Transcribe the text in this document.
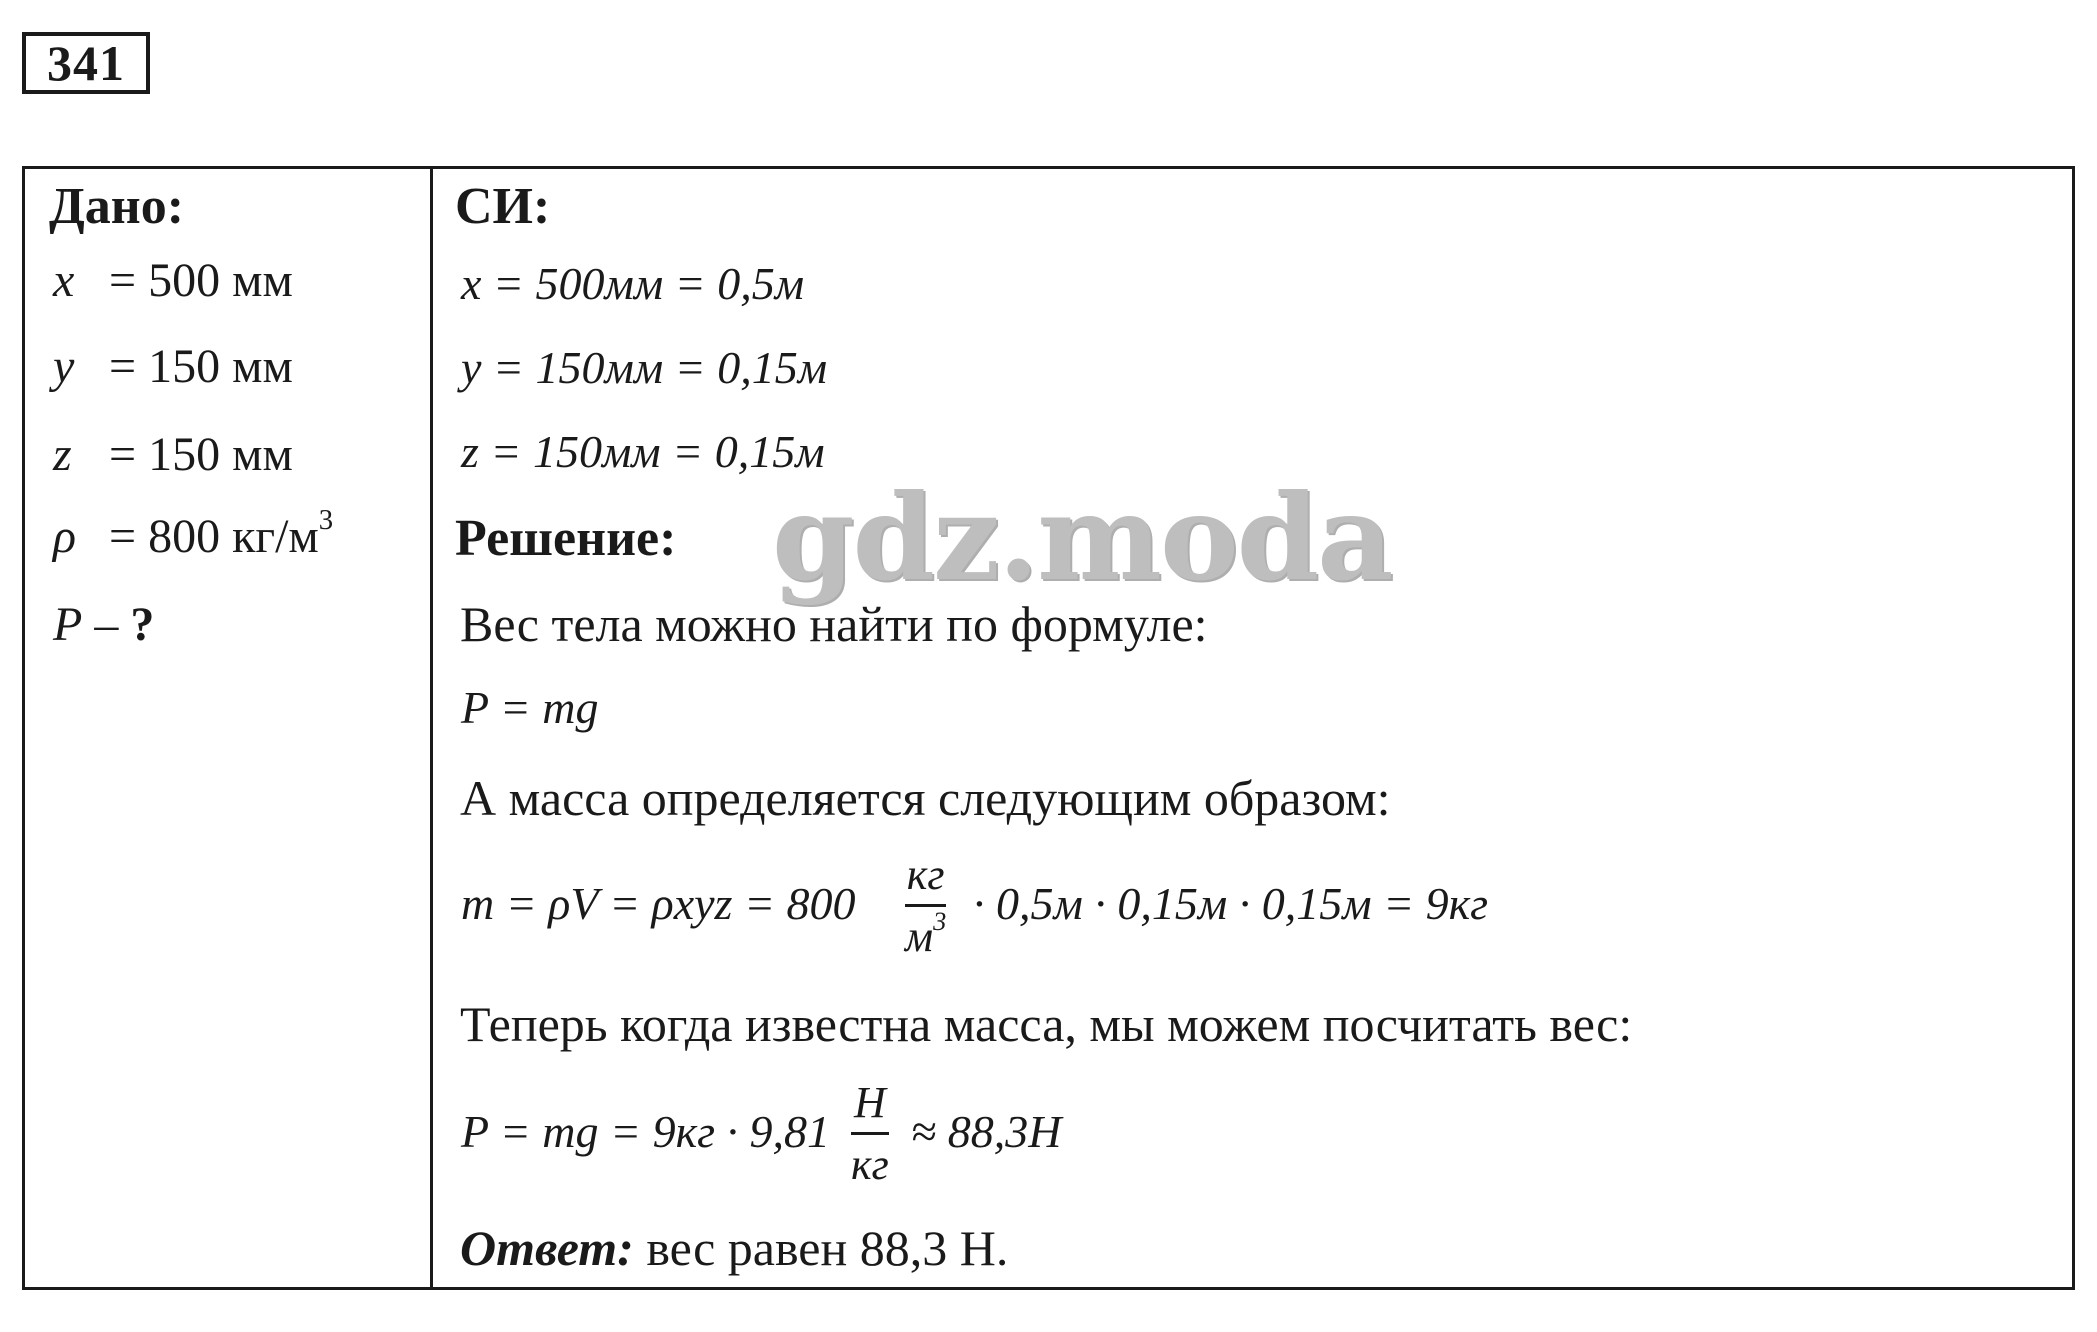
341
Дано:
x = 500 мм
y = 150 мм
z = 150 мм
ρ = 800 $кг/м^3$
P – ?
СИ:
x = 500мм = 0,5м
y = 150мм = 0,15м
z = 150мм = 0,15м
Решение:
Вес тела можно найти по формуле:
P = mg
А масса определяется следующим образом:
m = ρV = ρxyz = 800
кг
$м^3 \cdot 0,5м \cdot 0,15м \cdot 0,15м = 9кг$
Теперь когда известна масса, мы можем посчитать вес:
P = mg = 9кг · 9,81
Н
кг
≈ 88,3Н
Ответ: вес равен 88,3 Н.
gdz.moda
